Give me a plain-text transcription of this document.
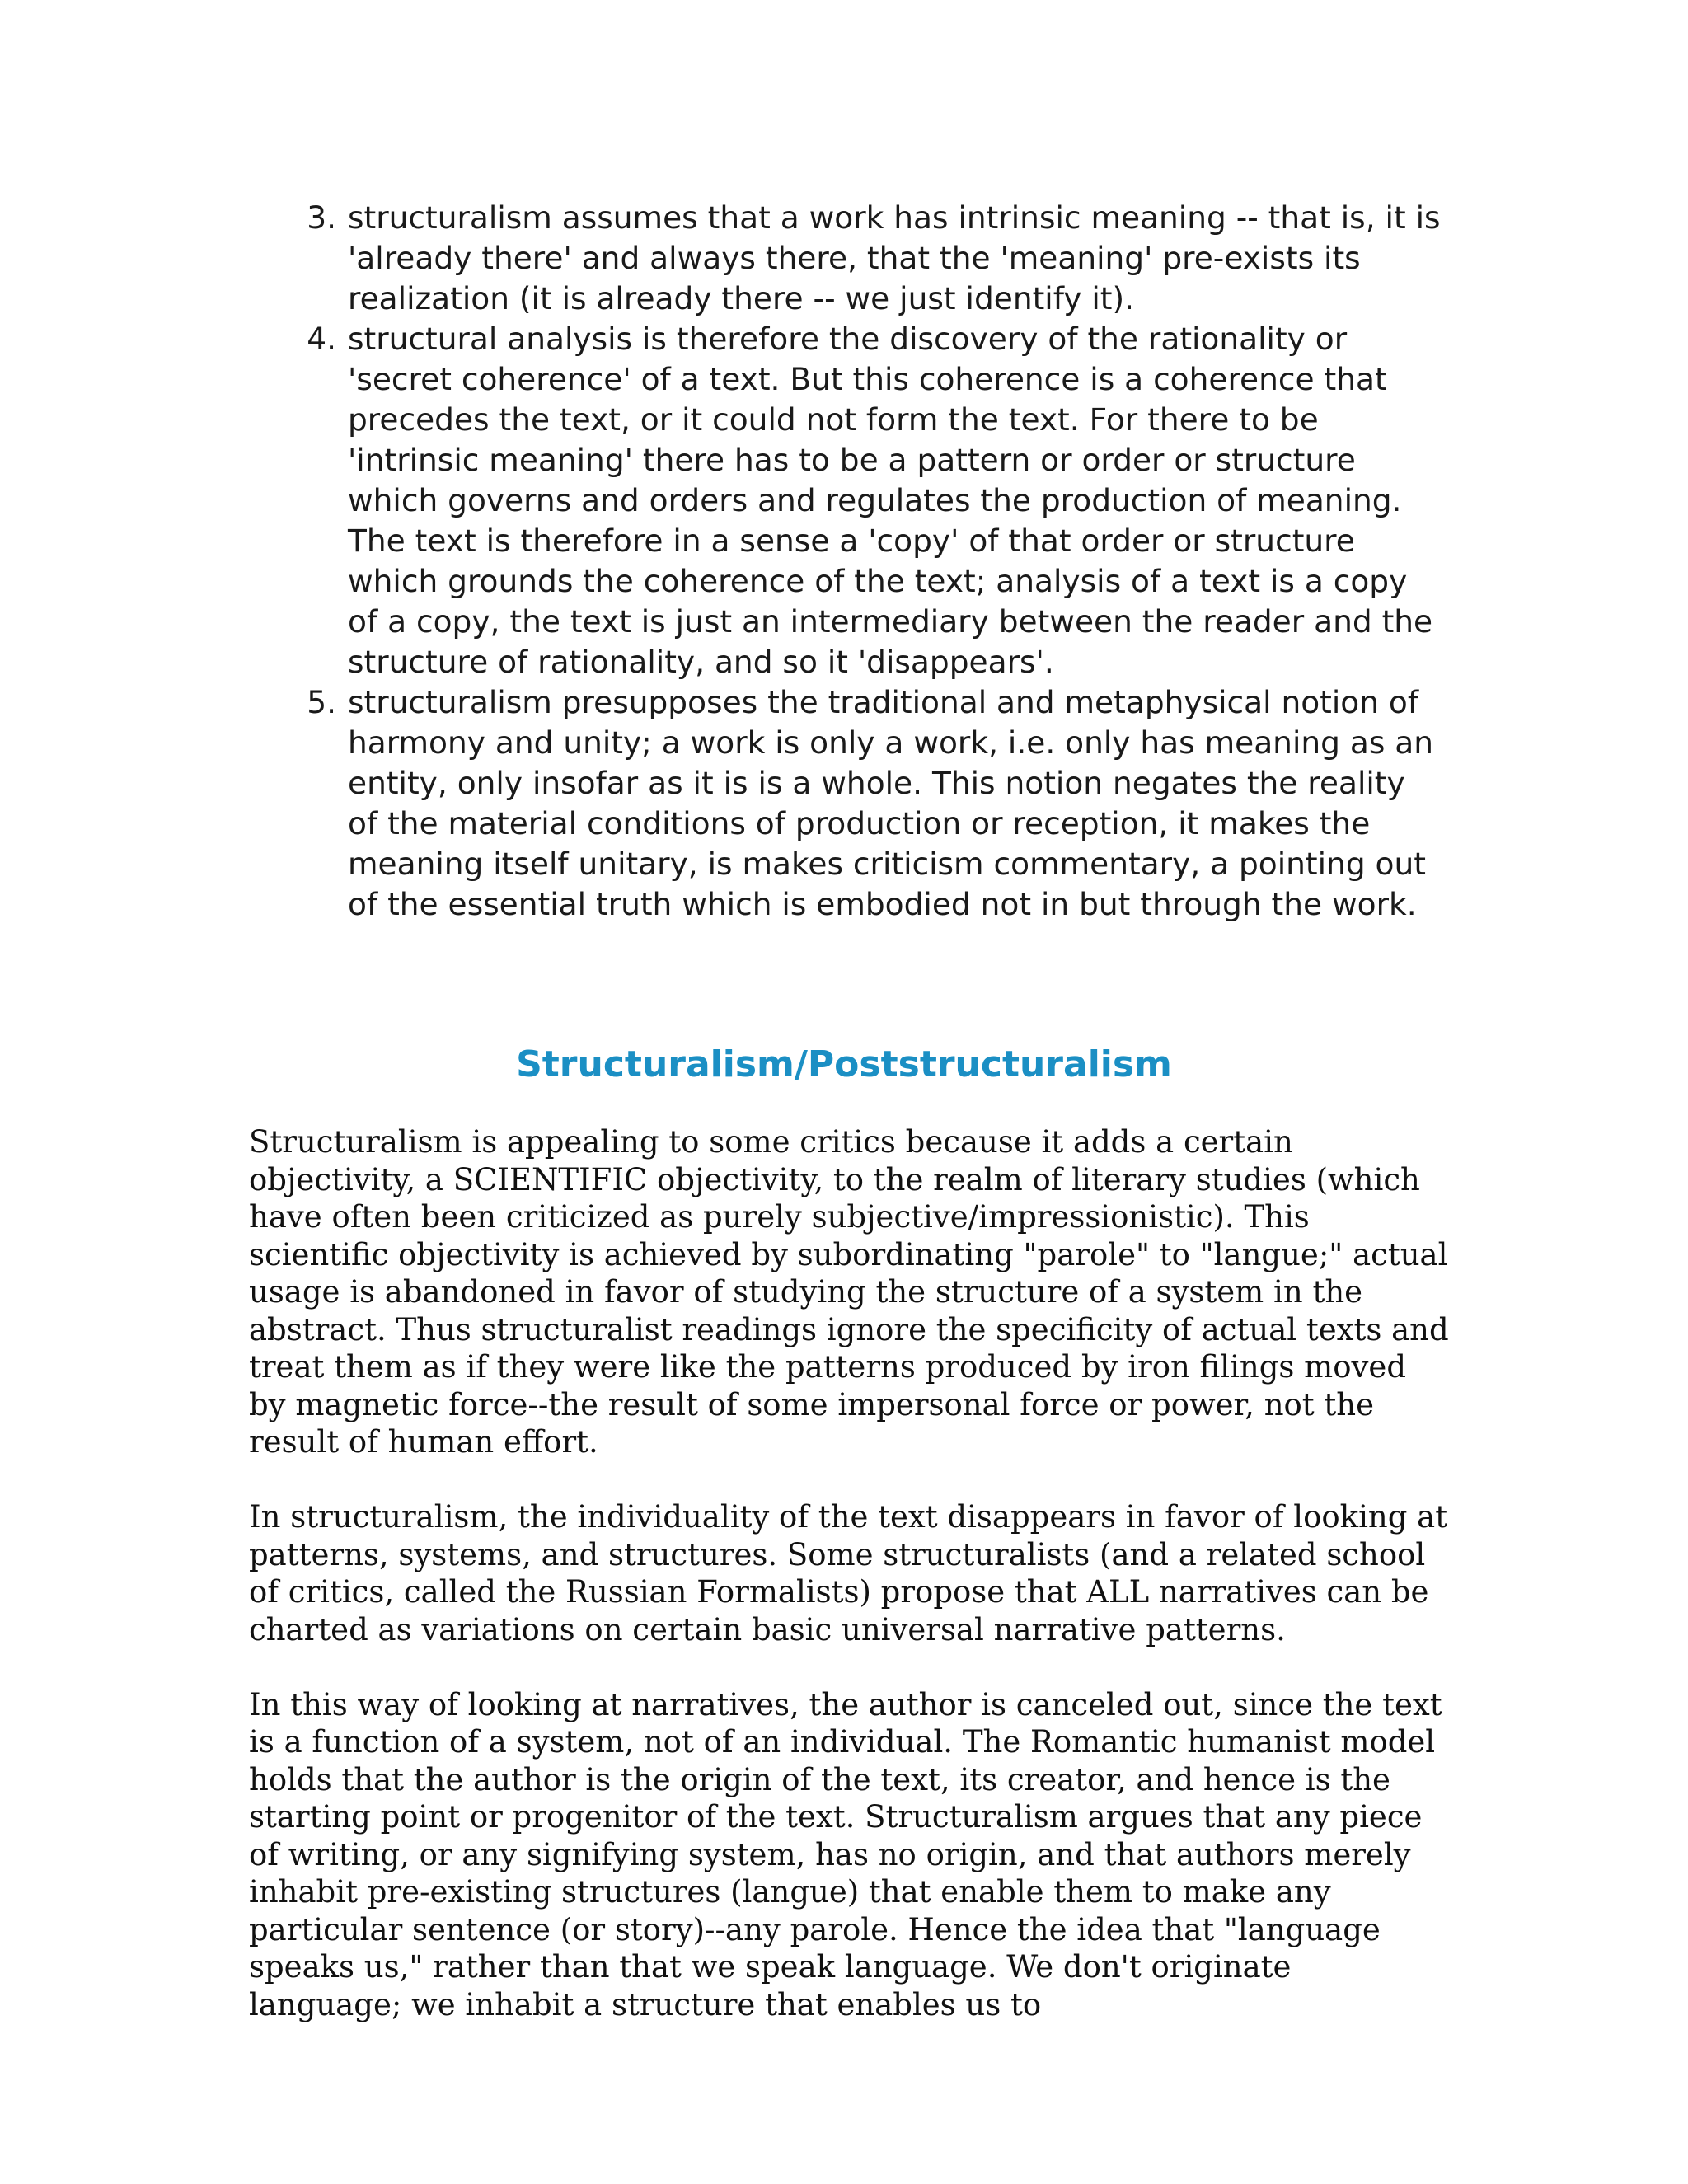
3. structuralism assumes that a work has intrinsic meaning -- that is, it is 'already there' and always there, that the 'meaning' pre-exists its realization (it is already there -- we just identify it).
4. structural analysis is therefore the discovery of the rationality or 'secret coherence' of a text. But this coherence is a coherence that precedes the text, or it could not form the text. For there to be 'intrinsic meaning' there has to be a pattern or order or structure which governs and orders and regulates the production of meaning. The text is therefore in a sense a 'copy' of that order or structure which grounds the coherence of the text; analysis of a text is a copy of a copy, the text is just an intermediary between the reader and the structure of rationality, and so it 'disappears'.
5. structuralism presupposes the traditional and metaphysical notion of harmony and unity; a work is only a work, i.e. only has meaning as an entity, only insofar as it is is a whole. This notion negates the reality of the material conditions of production or reception, it makes the meaning itself unitary, is makes criticism commentary, a pointing out of the essential truth which is embodied not in but through the work.
Structuralism/Poststructuralism

Structuralism is appealing to some critics because it adds a certain objectivity, a SCIENTIFIC objectivity, to the realm of literary studies (which have often been criticized as purely subjective/impressionistic). This scientific objectivity is achieved by subordinating "parole" to "langue;" actual usage is abandoned in favor of studying the structure of a system in the abstract. Thus structuralist readings ignore the specificity of actual texts and treat them as if they were like the patterns produced by iron filings moved by magnetic force--the result of some impersonal force or power, not the result of human effort.

In structuralism, the individuality of the text disappears in favor of looking at patterns, systems, and structures. Some structuralists (and a related school of critics, called the Russian Formalists) propose that ALL narratives can be charted as variations on certain basic universal narrative patterns.

In this way of looking at narratives, the author is canceled out, since the text is a function of a system, not of an individual. The Romantic humanist model holds that the author is the origin of the text, its creator, and hence is the starting point or progenitor of the text. Structuralism argues that any piece of writing, or any signifying system, has no origin, and that authors merely inhabit pre-existing structures (langue) that enable them to make any particular sentence (or story)--any parole. Hence the idea that "language speaks us," rather than that we speak language. We don't originate language; we inhabit a structure that enables us to
